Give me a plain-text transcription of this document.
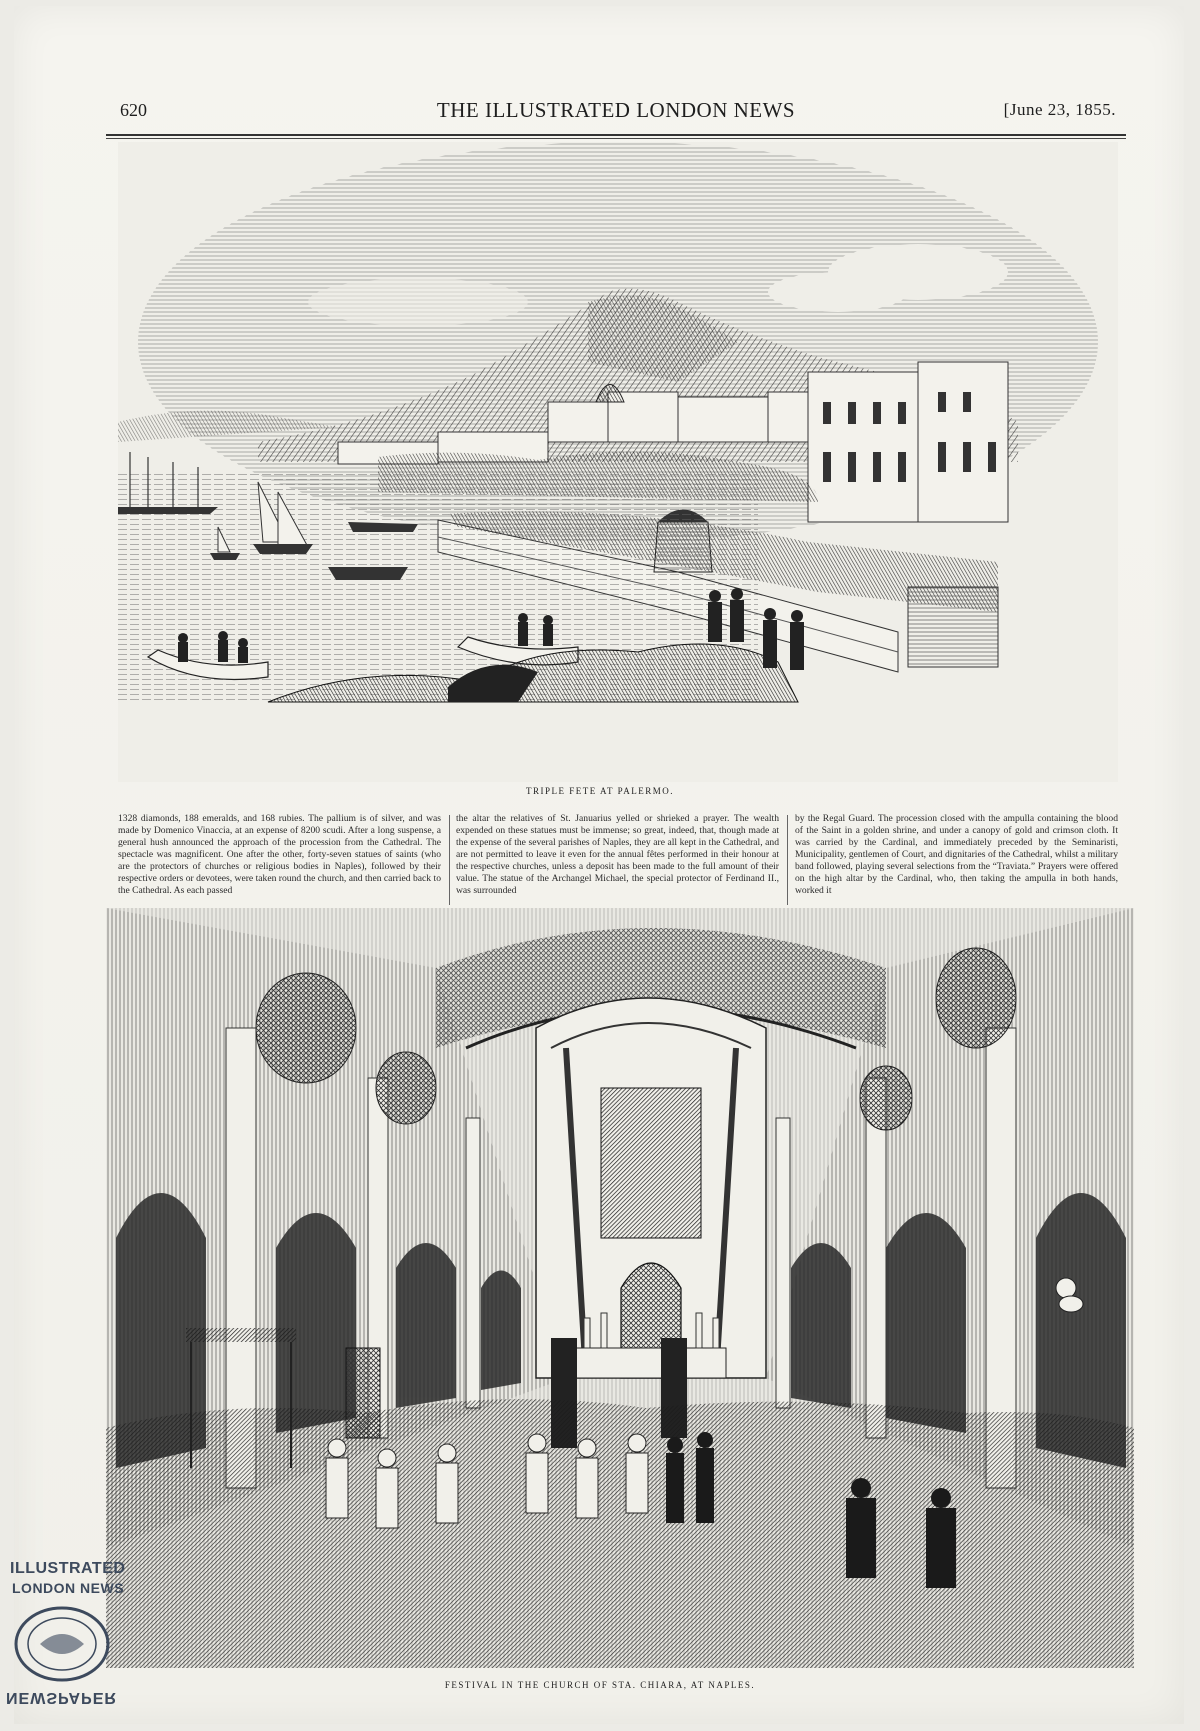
620	THE ILLUSTRATED LONDON NEWS	[June 23, 1855.
TRIPLE FETE AT PALERMO.
1328 diamonds, 188 emeralds, and 168 rubies. The pallium is of silver, and was made by Domenico Vinaccia, at an expense of 8200 scudi. After a long suspense, a general hush announced the approach of the procession from the Cathedral. The spectacle was magnificent. One after the other, forty-seven statues of saints (who are the protectors of churches or religious bodies in Naples), followed by their respective orders or devotees, were taken round the church, and then carried back to the Cathedral. As each passed
the altar the relatives of St. Januarius yelled or shrieked a prayer. The wealth expended on these statues must be immense; so great, indeed, that, though made at the expense of the several parishes of Naples, they are all kept in the Cathedral, and are not permitted to leave it even for the annual fêtes performed in their honour at the respective churches, unless a deposit has been made to the full amount of their value. The statue of the Archangel Michael, the special protector of Ferdinand II., was surrounded
by the Regal Guard. The procession closed with the ampulla containing the blood of the Saint in a golden shrine, and under a canopy of gold and crimson cloth. It was carried by the Cardinal, and immediately preceded by the Seminaristi, Municipality, gentlemen of Court, and dignitaries of the Cathedral, whilst a military band followed, playing several selections from the “Traviata.” Prayers were offered on the high altar by the Cardinal, who, then taking the ampulla in both hands, worked it
FESTIVAL IN THE CHURCH OF STA. CHIARA, AT NAPLES.
ILLUSTRATED
LONDON NEWS
NEWSPAPER
